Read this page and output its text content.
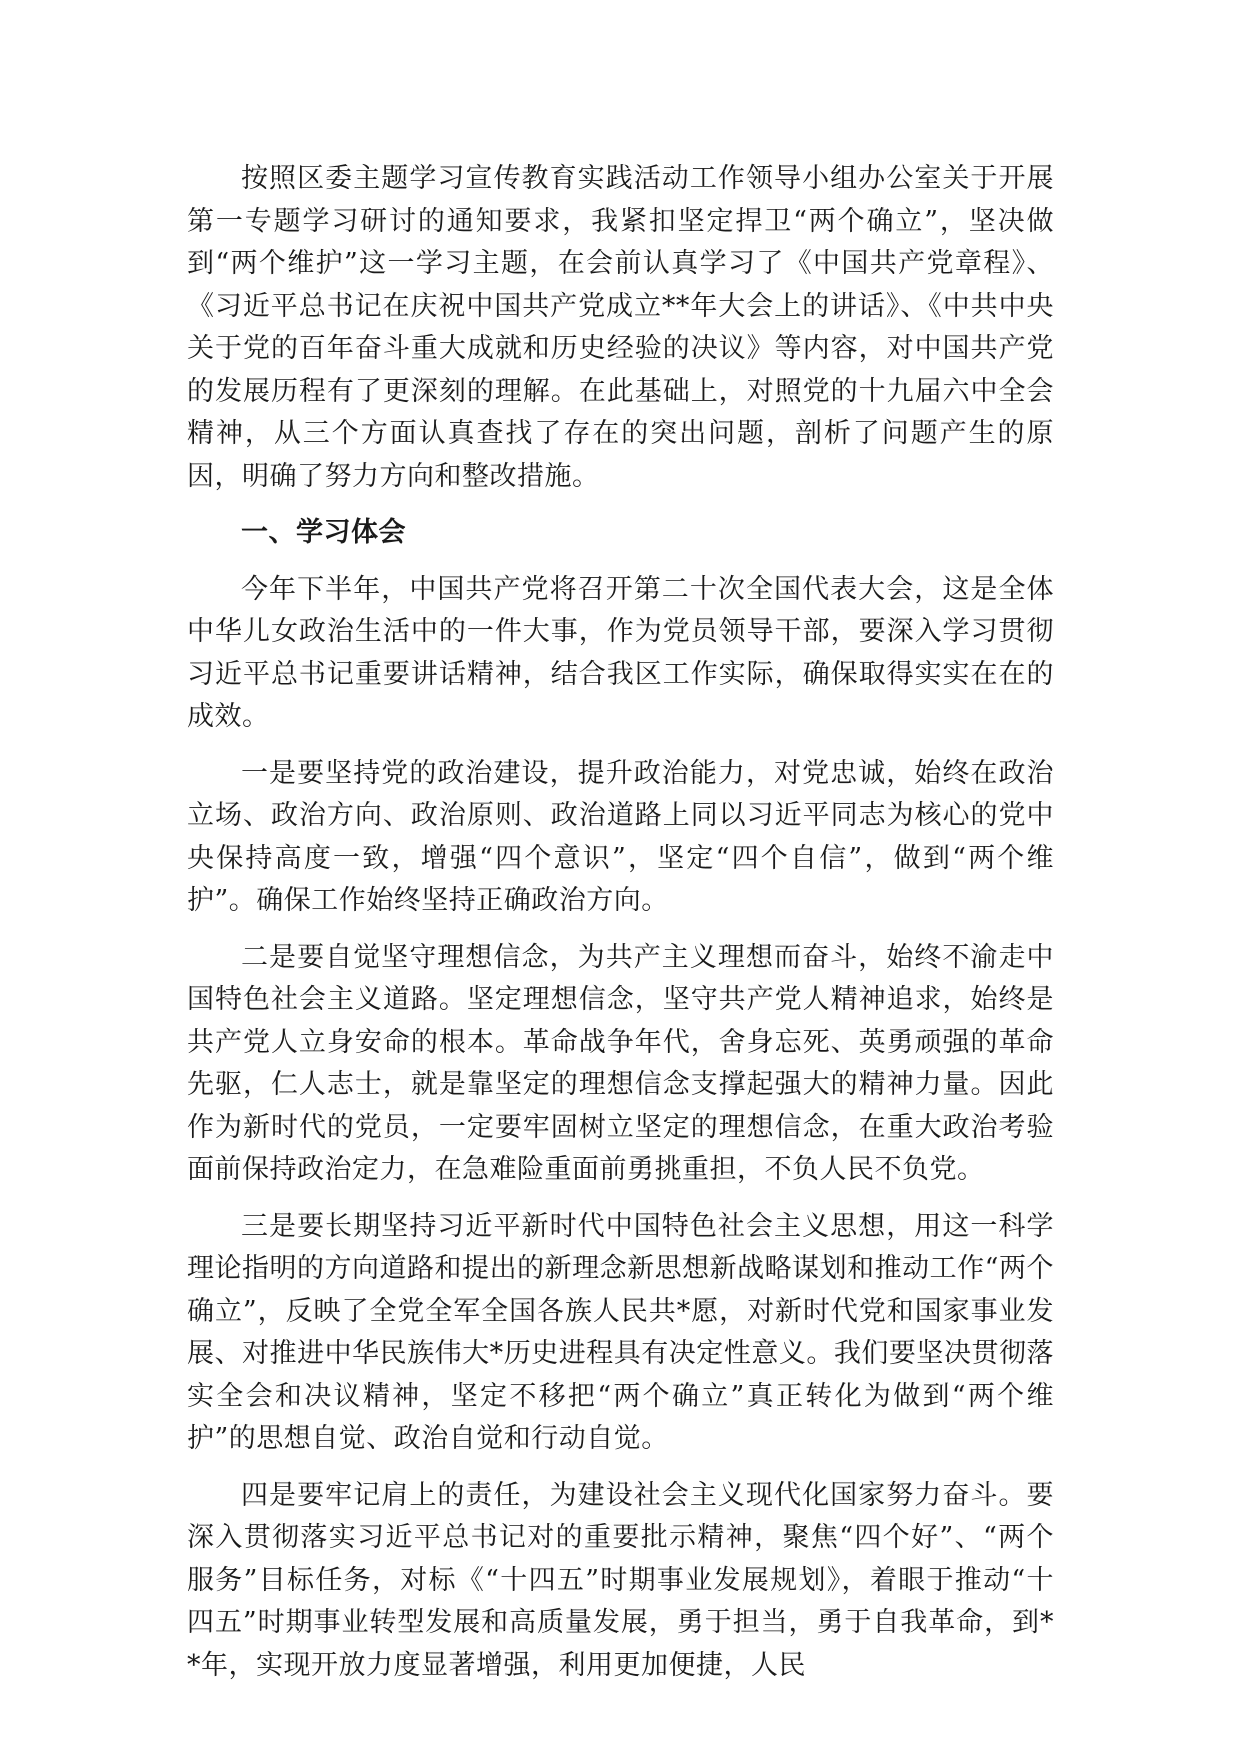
按照区委主题学习宣传教育实践活动工作领导小组办公室关于开展第一专题学习研讨的通知要求，我紧扣坚定捍卫“两个确立”，坚决做到“两个维护”这一学习主题，在会前认真学习了《中国共产党章程》、《习近平总书记在庆祝中国共产党成立**年大会上的讲话》、《中共中央关于党的百年奋斗重大成就和历史经验的决议》等内容，对中国共产党的发展历程有了更深刻的理解。在此基础上，对照党的十九届六中全会精神，从三个方面认真查找了存在的突出问题，剖析了问题产生的原因，明确了努力方向和整改措施。

一、学习体会

今年下半年，中国共产党将召开第二十次全国代表大会，这是全体中华儿女政治生活中的一件大事，作为党员领导干部，要深入学习贯彻习近平总书记重要讲话精神，结合我区工作实际，确保取得实实在在的成效。

一是要坚持党的政治建设，提升政治能力，对党忠诚，始终在政治立场、政治方向、政治原则、政治道路上同以习近平同志为核心的党中央保持高度一致，增强“四个意识”，坚定“四个自信”，做到“两个维护”。确保工作始终坚持正确政治方向。

二是要自觉坚守理想信念，为共产主义理想而奋斗，始终不渝走中国特色社会主义道路。坚定理想信念，坚守共产党人精神追求，始终是共产党人立身安命的根本。革命战争年代，舍身忘死、英勇顽强的革命先驱，仁人志士，就是靠坚定的理想信念支撑起强大的精神力量。因此作为新时代的党员，一定要牢固树立坚定的理想信念，在重大政治考验面前保持政治定力，在急难险重面前勇挑重担，不负人民不负党。

三是要长期坚持习近平新时代中国特色社会主义思想，用这一科学理论指明的方向道路和提出的新理念新思想新战略谋划和推动工作“两个确立”，反映了全党全军全国各族人民共*愿，对新时代党和国家事业发展、对推进中华民族伟大*历史进程具有决定性意义。我们要坚决贯彻落实全会和决议精神，坚定不移把“两个确立”真正转化为做到“两个维护”的思想自觉、政治自觉和行动自觉。

四是要牢记肩上的责任，为建设社会主义现代化国家努力奋斗。要深入贯彻落实习近平总书记对的重要批示精神，聚焦“四个好”、“两个服务”目标任务，对标《“十四五”时期事业发展规划》，着眼于推动“十四五”时期事业转型发展和高质量发展，勇于担当，勇于自我革命，到**年，实现开放力度显著增强，利用更加便捷，人民
